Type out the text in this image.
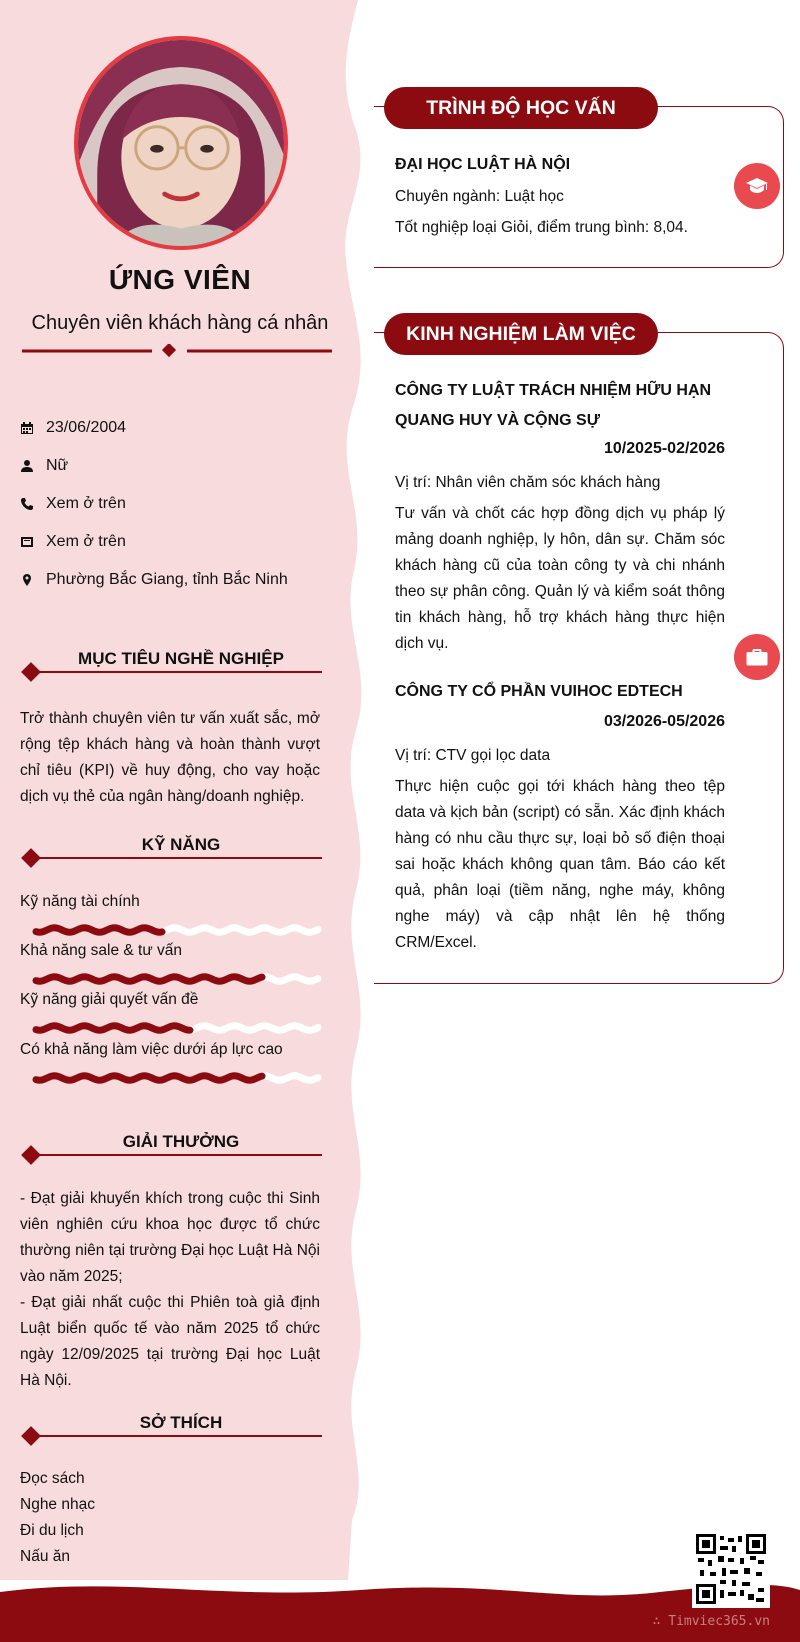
ỨNG VIÊN
Chuyên viên khách hàng cá nhân
23/06/2004
Nữ
Xem ở trên
Xem ở trên
Phường Bắc Giang, tỉnh Bắc Ninh
MỤC TIÊU NGHỀ NGHIỆP
Trở thành chuyên viên tư vấn xuất sắc, mở rộng tệp khách hàng và hoàn thành vượt chỉ tiêu (KPI) về huy động, cho vay hoặc dịch vụ thẻ của ngân hàng/doanh nghiệp.
KỸ NĂNG
Kỹ năng tài chính
Khả năng sale & tư vấn
Kỹ năng giải quyết vấn đề
Có khả năng làm việc dưới áp lực cao
GIẢI THƯỞNG
- Đạt giải khuyến khích trong cuộc thi Sinh viên nghiên cứu khoa học được tổ chức thường niên tại trường Đại học Luật Hà Nội vào năm 2025;
- Đạt giải nhất cuộc thi Phiên toà giả định Luật biển quốc tế vào năm 2025 tổ chức ngày 12/09/2025 tại trường Đại học Luật Hà Nội.
SỞ THÍCH
Đọc sách
Nghe nhạc
Đi du lịch
Nấu ăn
TRÌNH ĐỘ HỌC VẤN
ĐẠI HỌC LUẬT HÀ NỘI
Chuyên ngành: Luật học
Tốt nghiệp loại Giỏi, điểm trung bình: 8,04.
KINH NGHIỆM LÀM VIỆC
CÔNG TY LUẬT TRÁCH NHIỆM HỮU HẠN QUANG HUY VÀ CỘNG SỰ
10/2025-02/2026
Vị trí: Nhân viên chăm sóc khách hàng
Tư vấn và chốt các hợp đồng dịch vụ pháp lý mảng doanh nghiệp, ly hôn, dân sự. Chăm sóc khách hàng cũ của toàn công ty và chi nhánh theo sự phân công. Quản lý và kiểm soát thông tin khách hàng, hỗ trợ khách hàng thực hiện dịch vụ.
CÔNG TY CỔ PHẦN VUIHOC EDTECH
03/2026-05/2026
Vị trí: CTV gọi lọc data
Thực hiện cuộc gọi tới khách hàng theo tệp data và kịch bản (script) có sẵn. Xác định khách hàng có nhu cầu thực sự, loại bỏ số điện thoại sai hoặc khách không quan tâm. Báo cáo kết quả, phân loại (tiềm năng, nghe máy, không nghe máy) và cập nhật lên hệ thống CRM/Excel.
∴ Timviec365.vn
